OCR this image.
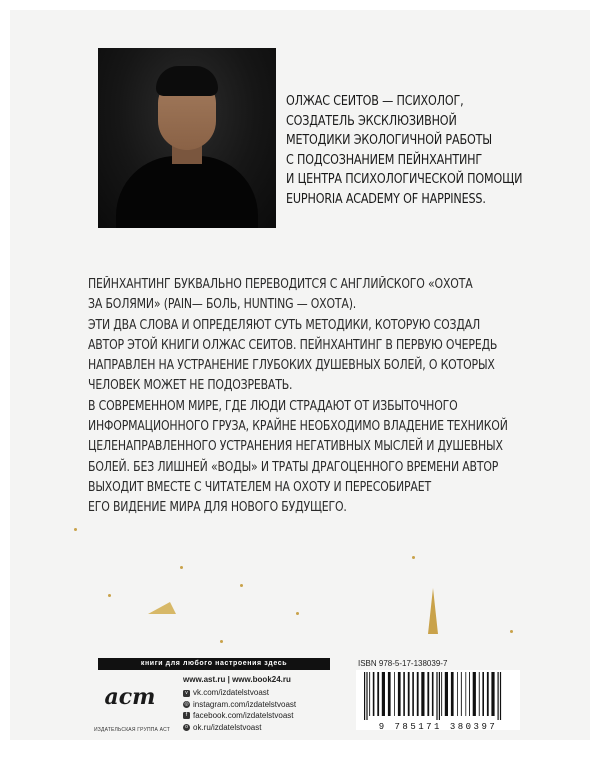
ОЛЖАС СЕИТОВ — ПСИХОЛОГ,
СОЗДАТЕЛЬ ЭКСКЛЮЗИВНОЙ
МЕТОДИКИ ЭКОЛОГИЧНОЙ РАБОТЫ
С ПОДСОЗНАНИЕМ ПЕЙНХАНТИНГ
И ЦЕНТРА ПСИХОЛОГИЧЕСКОЙ ПОМОЩИ
EUPHORIA ACADEMY OF HAPPINESS.
ПЕЙНХАНТИНГ БУКВАЛЬНО ПЕРЕВОДИТСЯ С АНГЛИЙСКОГО «ОХОТА
ЗА БОЛЯМИ» (PAIN— БОЛЬ, HUNTING — ОХОТА).
ЭТИ ДВА СЛОВА И ОПРЕДЕЛЯЮТ СУТЬ МЕТОДИКИ, КОТОРУЮ СОЗДАЛ
АВТОР ЭТОЙ КНИГИ ОЛЖАС СЕИТОВ. ПЕЙНХАНТИНГ В ПЕРВУЮ ОЧЕРЕДЬ
НАПРАВЛЕН НА УСТРАНЕНИЕ ГЛУБОКИХ ДУШЕВНЫХ БОЛЕЙ, О КОТОРЫХ
ЧЕЛОВЕК МОЖЕТ НЕ ПОДОЗРЕВАТЬ.
В СОВРЕМЕННОМ МИРЕ, ГДЕ ЛЮДИ СТРАДАЮТ ОТ ИЗБЫТОЧНОГО
ИНФОРМАЦИОННОГО ГРУЗА, КРАЙНЕ НЕОБХОДИМО ВЛАДЕНИЕ ТЕХНИКОЙ
ЦЕЛЕНАПРАВЛЕННОГО УСТРАНЕНИЯ НЕГАТИВНЫХ МЫСЛЕЙ И ДУШЕВНЫХ
БОЛЕЙ. БЕЗ ЛИШНЕЙ «ВОДЫ» И ТРАТЫ ДРАГОЦЕННОГО ВРЕМЕНИ АВТОР
ВЫХОДИТ ВМЕСТЕ С ЧИТАТЕЛЕМ НА ОХОТУ И ПЕРЕСОБИРАЕТ
ЕГО ВИДЕНИЕ МИРА ДЛЯ НОВОГО БУДУЩЕГО.
книги для любого настроения здесь
аст
ИЗДАТЕЛЬСКАЯ ГРУППА АСТ
www.ast.ru | www.book24.ru
v vk.com/izdatelstvoast
◎ instagram.com/izdatelstvoast
f facebook.com/izdatelstvoast
o ok.ru/izdatelstvoast
ISBN 978-5-17-138039-7
9 785171 380397
